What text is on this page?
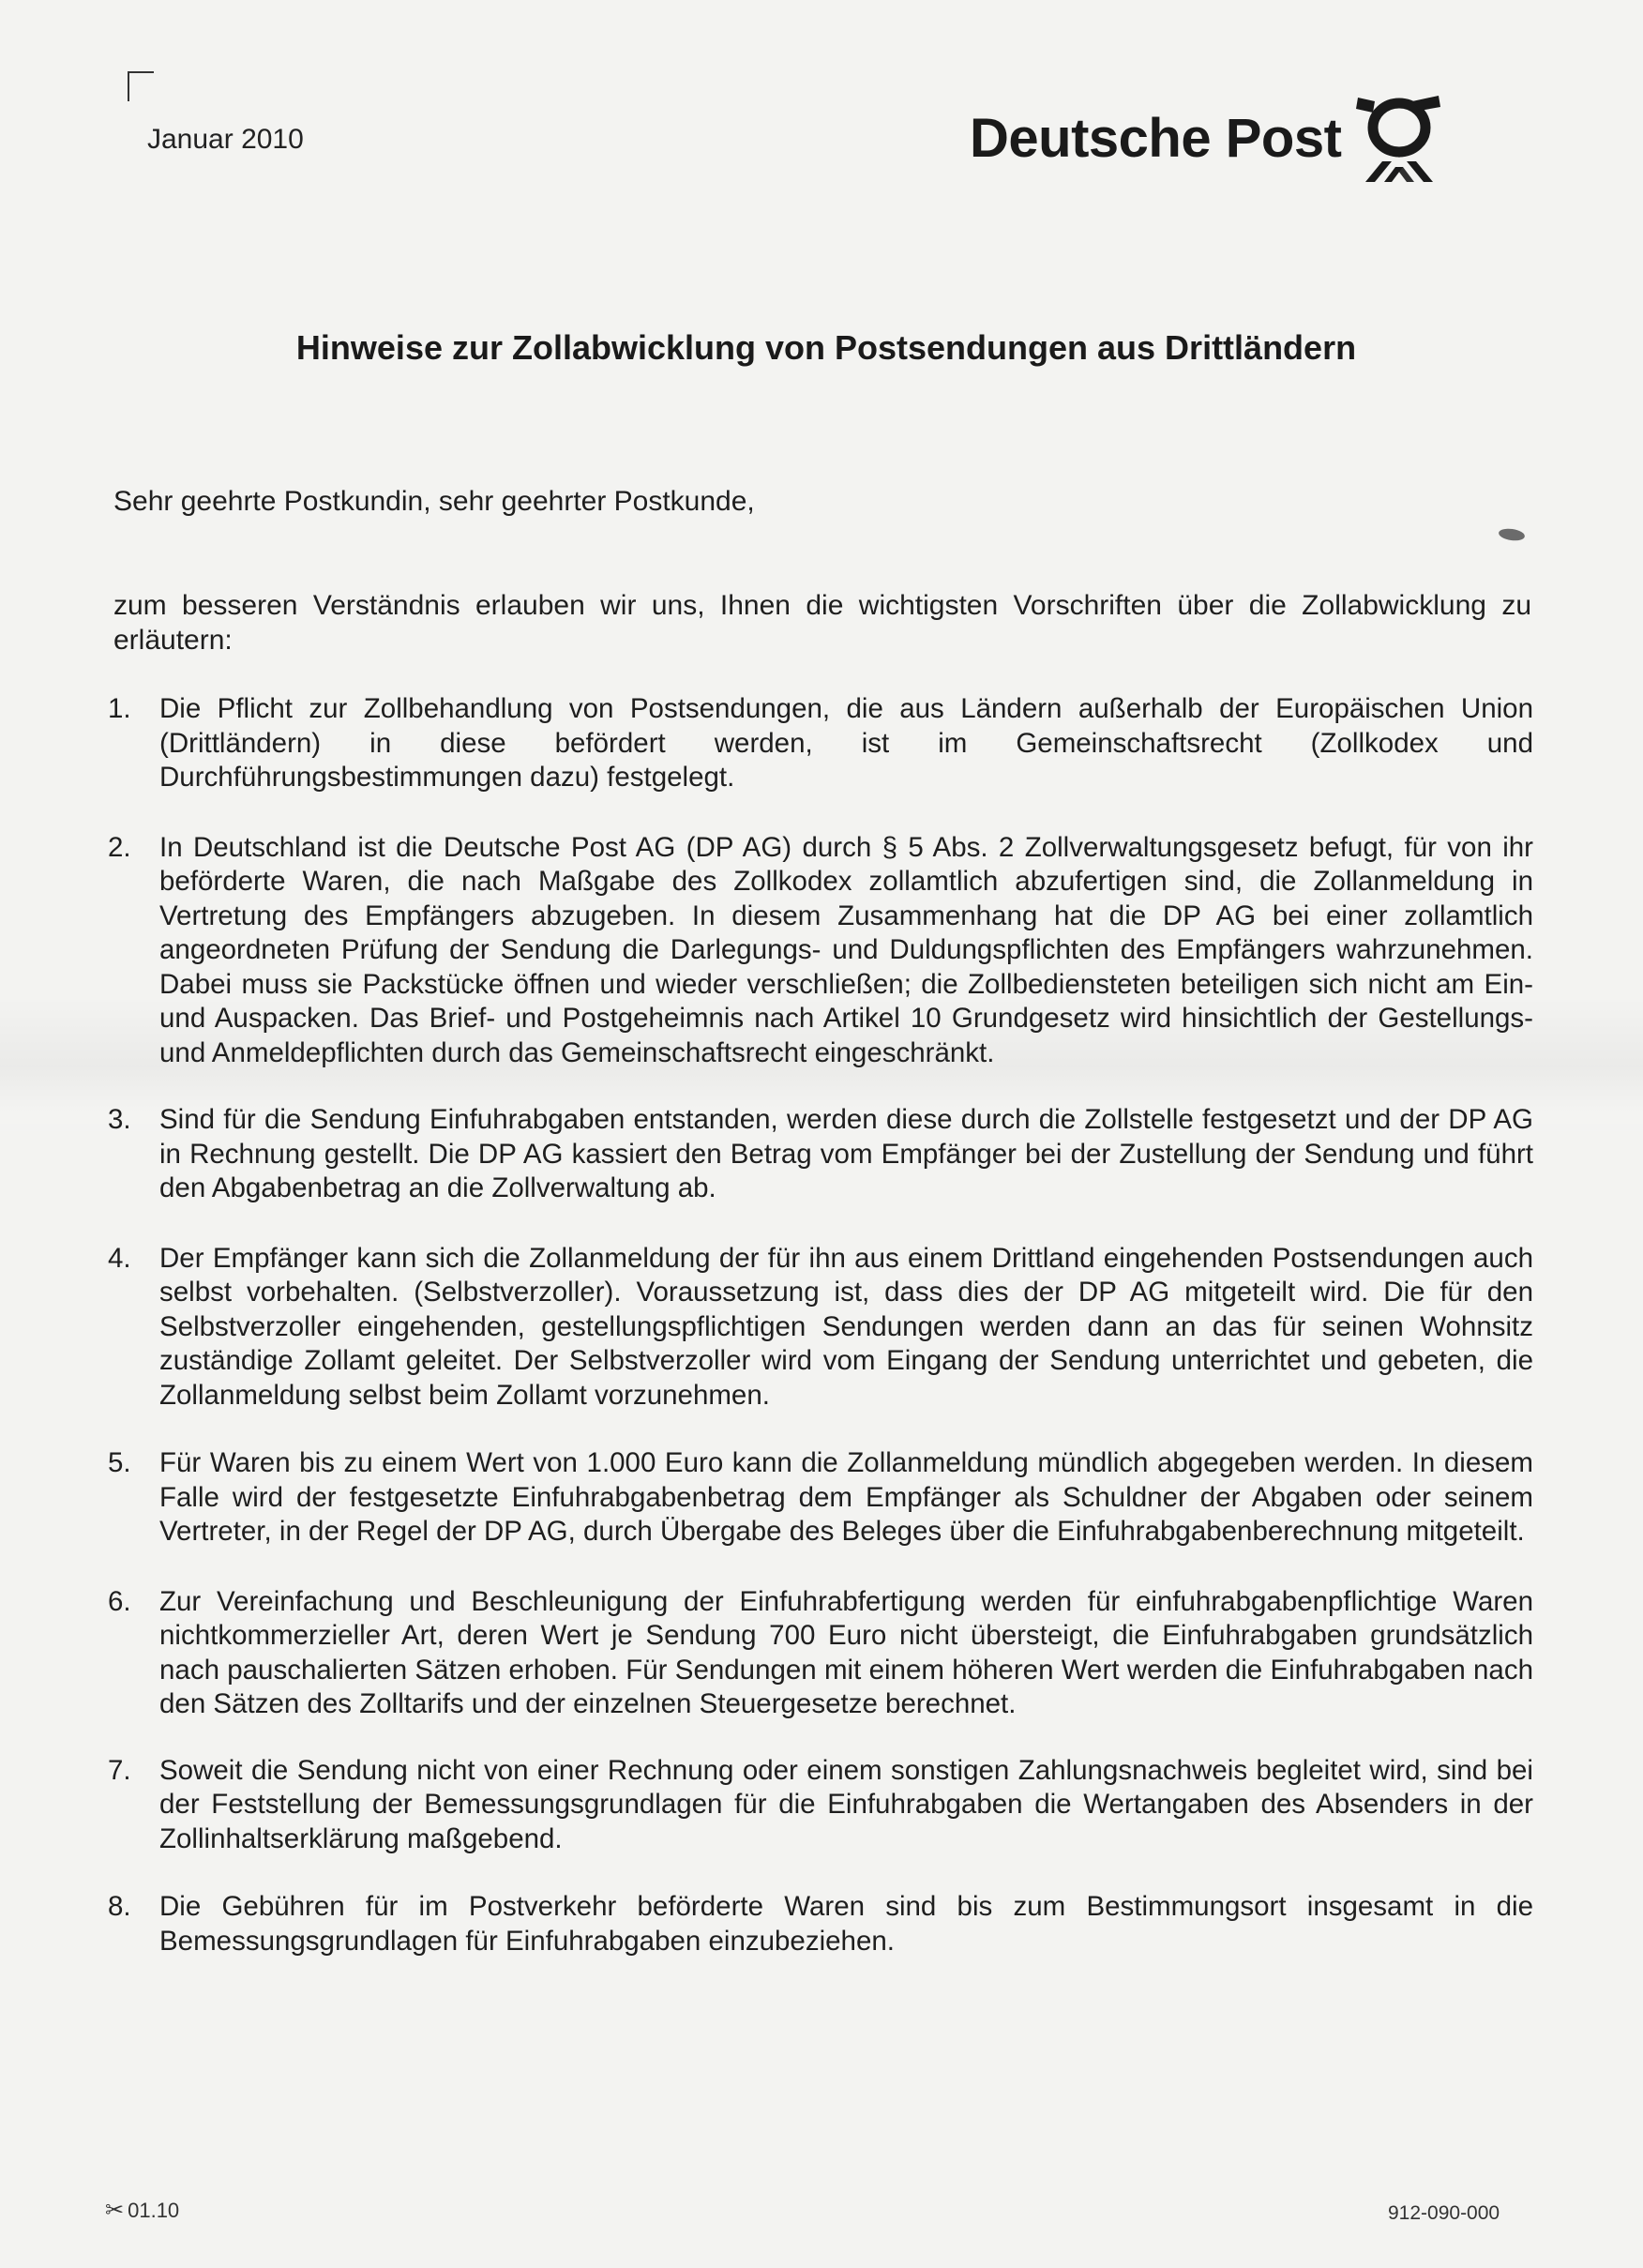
Januar 2010	Deutsche Post
Hinweise zur Zollabwicklung von Postsendungen aus Drittländern
Sehr geehrte Postkundin, sehr geehrter Postkunde,
zum besseren Verständnis erlauben wir uns, Ihnen die wichtigsten Vorschriften über die Zollabwicklung zu erläutern:
1. Die Pflicht zur Zollbehandlung von Postsendungen, die aus Ländern außerhalb der Europäischen Union (Drittländern) in diese befördert werden, ist im Gemeinschaftsrecht (Zollkodex und Durchführungsbestimmungen dazu) festgelegt.
2. In Deutschland ist die Deutsche Post AG (DP AG) durch § 5 Abs. 2 Zollverwaltungsgesetz befugt, für von ihr beförderte Waren, die nach Maßgabe des Zollkodex zollamtlich abzufertigen sind, die Zollanmeldung in Vertretung des Empfängers abzugeben. In diesem Zusammenhang hat die DP AG bei einer zollamtlich angeordneten Prüfung der Sendung die Darlegungs- und Duldungspflichten des Empfängers wahrzunehmen. Dabei muss sie Packstücke öffnen und wieder verschließen; die Zollbediensteten beteiligen sich nicht am Ein- und Auspacken. Das Brief- und Postgeheimnis nach Artikel 10 Grundgesetz wird hinsichtlich der Gestellungs- und Anmeldepflichten durch das Gemeinschaftsrecht eingeschränkt.
3. Sind für die Sendung Einfuhrabgaben entstanden, werden diese durch die Zollstelle festgesetzt und der DP AG in Rechnung gestellt. Die DP AG kassiert den Betrag vom Empfänger bei der Zustellung der Sendung und führt den Abgabenbetrag an die Zollverwaltung ab.
4. Der Empfänger kann sich die Zollanmeldung der für ihn aus einem Drittland eingehenden Postsendungen auch selbst vorbehalten. (Selbstverzoller). Voraussetzung ist, dass dies der DP AG mitgeteilt wird. Die für den Selbstverzoller eingehenden, gestellungspflichtigen Sendungen werden dann an das für seinen Wohnsitz zuständige Zollamt geleitet. Der Selbstverzoller wird vom Eingang der Sendung unterrichtet und gebeten, die Zollanmeldung selbst beim Zollamt vorzunehmen.
5. Für Waren bis zu einem Wert von 1.000 Euro kann die Zollanmeldung mündlich abgegeben werden. In diesem Falle wird der festgesetzte Einfuhrabgabenbetrag dem Empfänger als Schuldner der Abgaben oder seinem Vertreter, in der Regel der DP AG, durch Übergabe des Beleges über die Einfuhrabgabenberechnung mitgeteilt.
6. Zur Vereinfachung und Beschleunigung der Einfuhrabfertigung werden für einfuhrabgabenpflichtige Waren nichtkommerzieller Art, deren Wert je Sendung 700 Euro nicht übersteigt, die Einfuhrabgaben grundsätzlich nach pauschalierten Sätzen erhoben. Für Sendungen mit einem höheren Wert werden die Einfuhrabgaben nach den Sätzen des Zolltarifs und der einzelnen Steuergesetze berechnet.
7. Soweit die Sendung nicht von einer Rechnung oder einem sonstigen Zahlungsnachweis begleitet wird, sind bei der Feststellung der Bemessungsgrundlagen für die Einfuhrabgaben die Wertangaben des Absenders in der Zollinhaltserklärung maßgebend.
8. Die Gebühren für im Postverkehr beförderte Waren sind bis zum Bestimmungsort insgesamt in die Bemessungsgrundlagen für Einfuhrabgaben einzubeziehen.
✂ 01.10	912-090-000
